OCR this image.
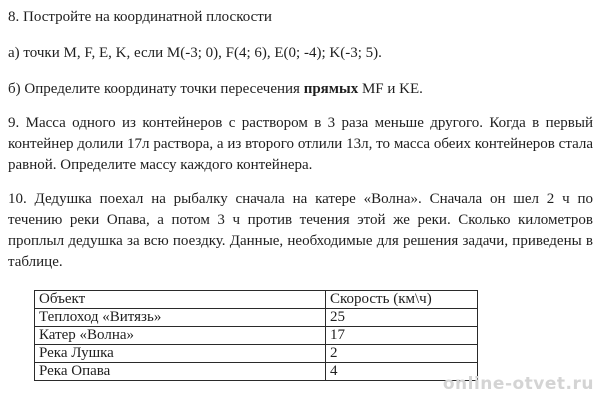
8. Постройте на координатной плоскости
а) точки M, F, E, K, если M(-3; 0), F(4; 6), E(0; -4); K(-3; 5).
б) Определите координату точки пересечения прямых MF и KE.
9. Масса одного из контейнеров с раствором в 3 раза меньше другого. Когда в первый контейнер долили 17л раствора, а из второго отлили 13л, то масса обеих контейнеров стала равной. Определите массу каждого контейнера.
10. Дедушка поехал на рыбалку сначала на катере «Волна». Сначала он шел 2 ч по течению реки Опава, а потом 3 ч против течения этой же реки. Сколько километров проплыл дедушка за всю поездку. Данные, необходимые для решения задачи, приведены в таблице.
Объект	Скорость (км\ч)
Теплоход «Витязь»	25
Катер «Волна»	17
Река Лушка	2
Река Опава	4
online-otvet.ru
